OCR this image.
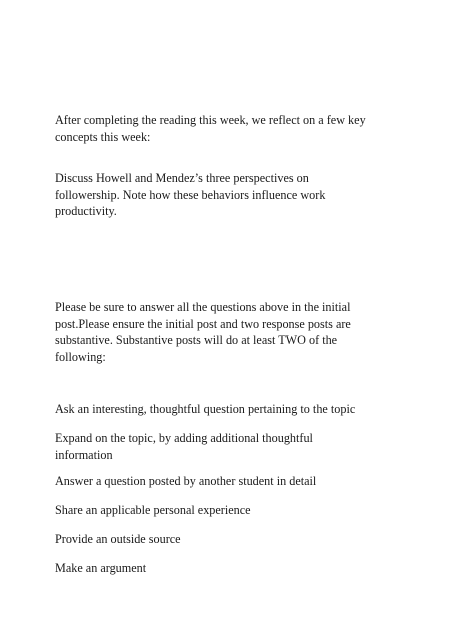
After completing the reading this week, we reflect on a few key
concepts this week:

Discuss Howell and Mendez’s three perspectives on
followership. Note how these behaviors influence work
productivity.

Please be sure to answer all the questions above in the initial
post.Please ensure the initial post and two response posts are
substantive. Substantive posts will do at least TWO of the
following:

Ask an interesting, thoughtful question pertaining to the topic

Expand on the topic, by adding additional thoughtful
information

Answer a question posted by another student in detail

Share an applicable personal experience

Provide an outside source

Make an argument
